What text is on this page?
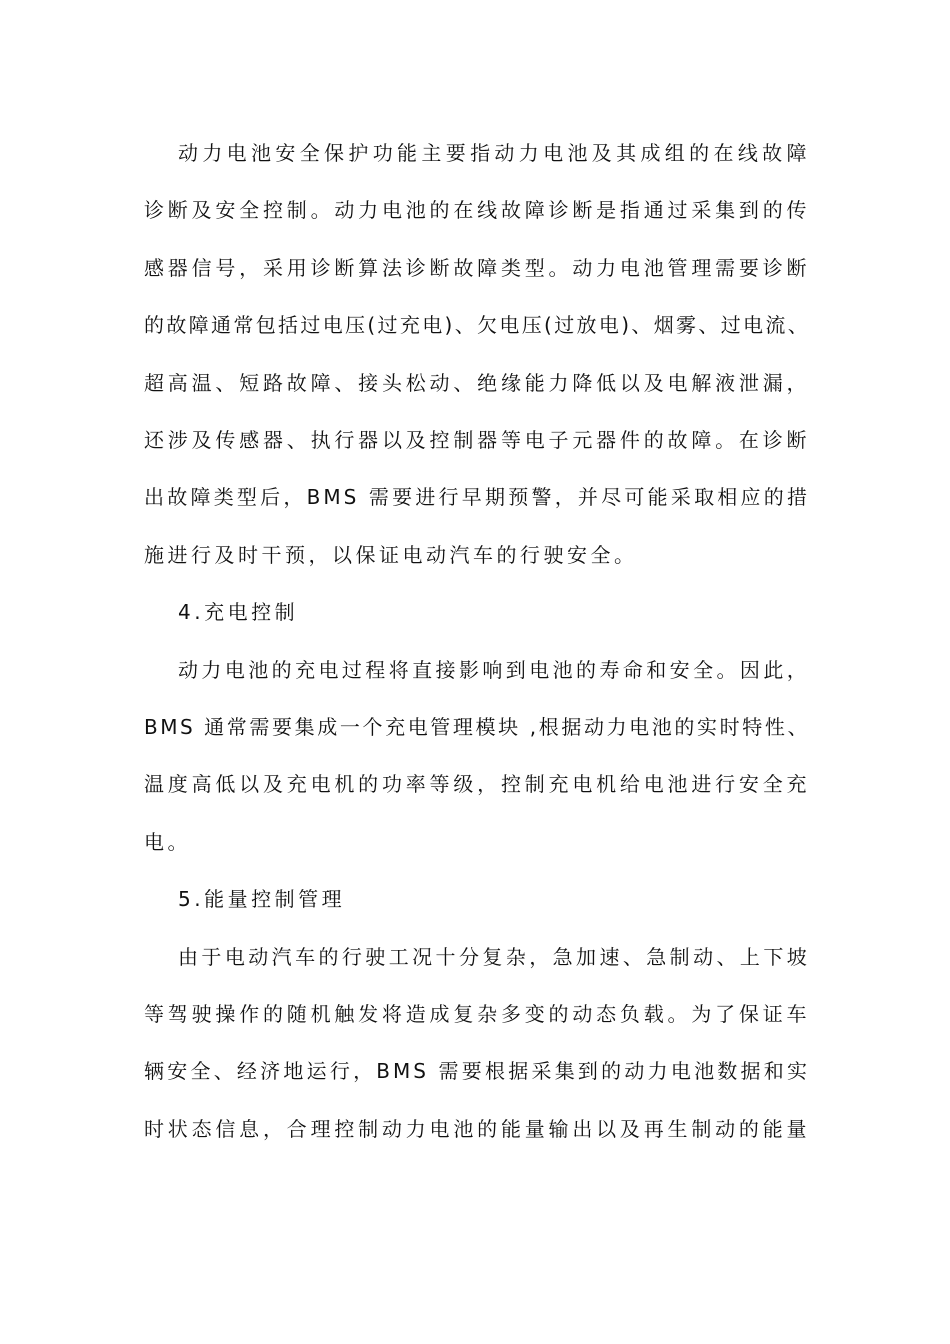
动力电池安全保护功能主要指动力电池及其成组的在线故障
诊断及安全控制。动力电池的在线故障诊断是指通过采集到的传
感器信号，采用诊断算法诊断故障类型。动力电池管理需要诊断
的故障通常包括过电压(过充电)、欠电压(过放电)、烟雾、过电流、
超高温、短路故障、接头松动、绝缘能力降低以及电解液泄漏，
还涉及传感器、执行器以及控制器等电子元器件的故障。在诊断
出故障类型后，BMS 需要进行早期预警，并尽可能采取相应的措
施进行及时干预，以保证电动汽车的行驶安全。
4.充电控制
动力电池的充电过程将直接影响到电池的寿命和安全。因此，
BMS 通常需要集成一个充电管理模块 ,根据动力电池的实时特性、
温度高低以及充电机的功率等级，控制充电机给电池进行安全充
电。
5.能量控制管理
由于电动汽车的行驶工况十分复杂，急加速、急制动、上下坡
等驾驶操作的随机触发将造成复杂多变的动态负载。为了保证车
辆安全、经济地运行，BMS 需要根据采集到的动力电池数据和实
时状态信息，合理控制动力电池的能量输出以及再生制动的能量
